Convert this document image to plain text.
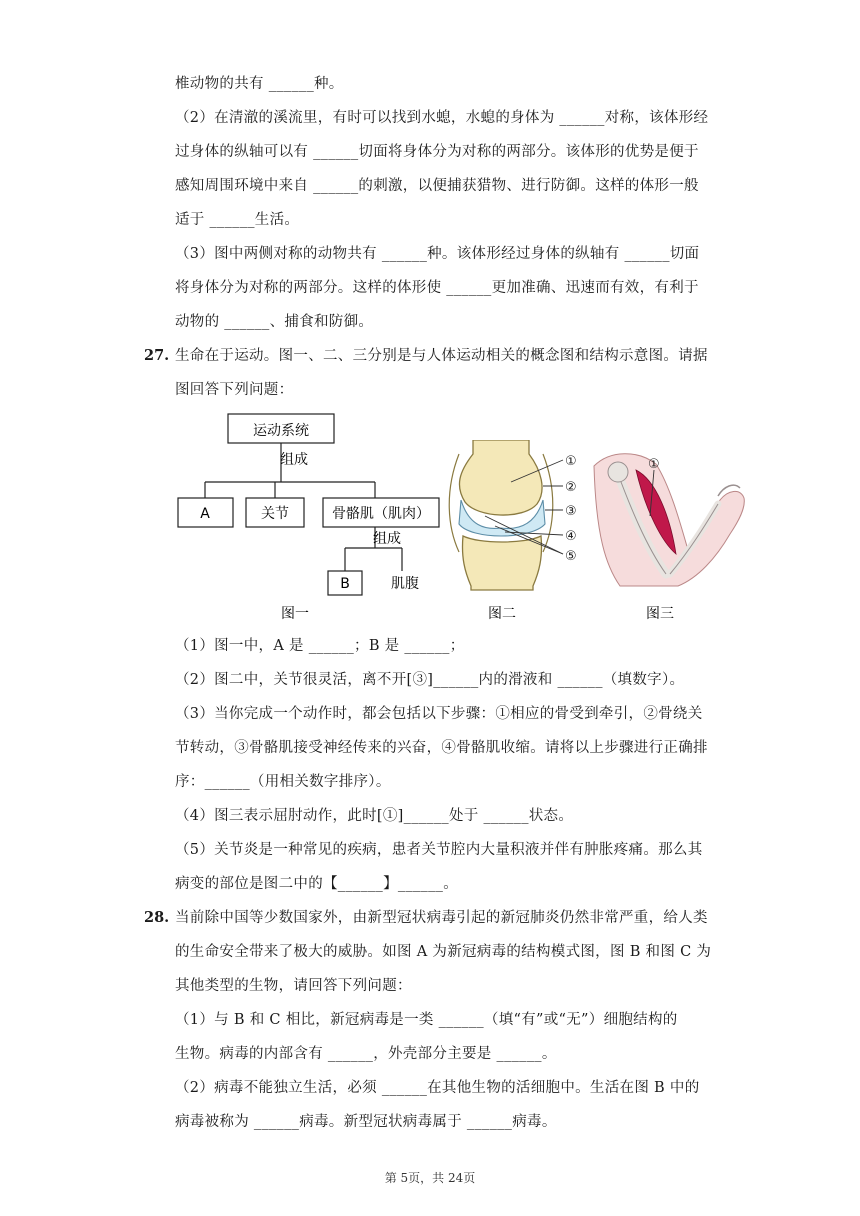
椎动物的共有 ______种。
（2）在清澈的溪流里，有时可以找到水螅，水螅的身体为 ______对称，该体形经
过身体的纵轴可以有 ______切面将身体分为对称的两部分。该体形的优势是便于
感知周围环境中来自 ______的刺激，以便捕获猎物、进行防御。这样的体形一般
适于 ______生活。
（3）图中两侧对称的动物共有 ______种。该体形经过身体的纵轴有 ______切面
将身体分为对称的两部分。这样的体形使 ______更加准确、迅速而有效，有利于
动物的 ______、捕食和防御。
27. 生命在于运动。图一、二、三分别是与人体运动相关的概念图和结构示意图。请据
图回答下列问题：
运动系统
组成
A	关节	骨骼肌（肌肉）
组成
B	肌腹
图一
①
②
③
④
⑤
图二
①
图三
（1）图一中，A 是 ______；B 是 ______；
（2）图二中，关节很灵活，离不开[③]______内的滑液和 ______（填数字）。
（3）当你完成一个动作时，都会包括以下步骤：①相应的骨受到牵引，②骨绕关
节转动，③骨骼肌接受神经传来的兴奋，④骨骼肌收缩。请将以上步骤进行正确排
序：______（用相关数字排序）。
（4）图三表示屈肘动作，此时[①]______处于 ______状态。
（5）关节炎是一种常见的疾病，患者关节腔内大量积液并伴有肿胀疼痛。那么其
病变的部位是图二中的【______】______。
28. 当前除中国等少数国家外，由新型冠状病毒引起的新冠肺炎仍然非常严重，给人类
的生命安全带来了极大的威胁。如图 A 为新冠病毒的结构模式图，图 B 和图 C 为
其他类型的生物，请回答下列问题：
（1）与 B 和 C 相比，新冠病毒是一类 ______（填“有”或“无”）细胞结构的
生物。病毒的内部含有 ______，外壳部分主要是 ______。
（2）病毒不能独立生活，必须 ______在其他生物的活细胞中。生活在图 B 中的
病毒被称为 ______病毒。新型冠状病毒属于 ______病毒。
第 5页，共 24页
